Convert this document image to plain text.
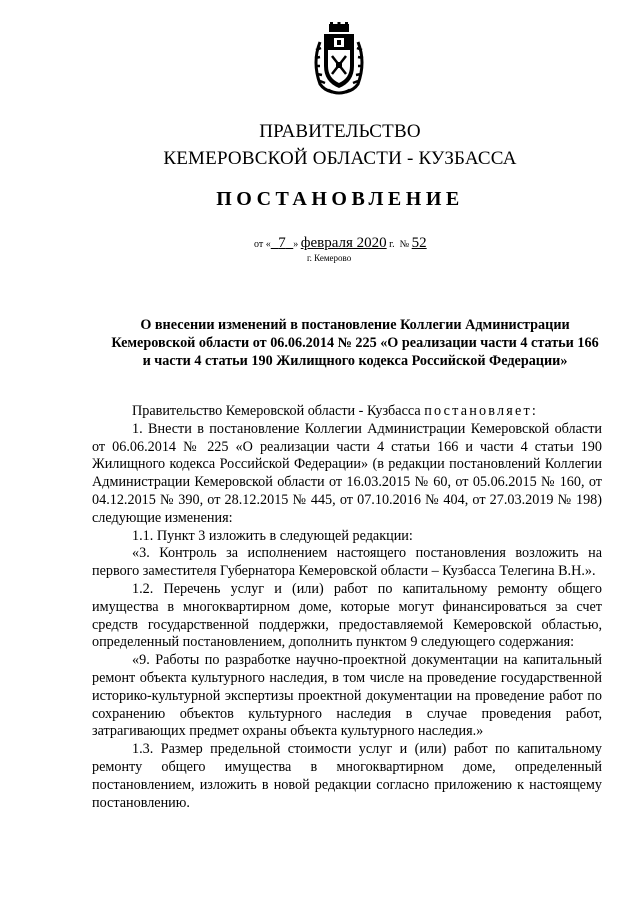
ПРАВИТЕЛЬСТВО
КЕМЕРОВСКОЙ ОБЛАСТИ - КУЗБАССА
ПОСТАНОВЛЕНИЕ
от « 7 » февраля 2020 г. № 52
г. Кемерово
О внесении изменений в постановление Коллегии Администрации Кемеровской области от 06.06.2014 № 225 «О реализации части 4 статьи 166 и части 4 статьи 190 Жилищного кодекса Российской Федерации»

Правительство Кемеровской области - Кузбасса постановляет:

1. Внести в постановление Коллегии Администрации Кемеровской области от 06.06.2014 № 225 «О реализации части 4 статьи 166 и части 4 статьи 190 Жилищного кодекса Российской Федерации» (в редакции постановлений Коллегии Администрации Кемеровской области от 16.03.2015 № 60, от 05.06.2015 № 160, от 04.12.2015 № 390, от 28.12.2015 № 445, от 07.10.2016 № 404, от 27.03.2019 № 198) следующие изменения:

1.1. Пункт 3 изложить в следующей редакции:

«3. Контроль за исполнением настоящего постановления возложить на первого заместителя Губернатора Кемеровской области – Кузбасса Телегина В.Н.».

1.2. Перечень услуг и (или) работ по капитальному ремонту общего имущества в многоквартирном доме, которые могут финансироваться за счет средств государственной поддержки, предоставляемой Кемеровской областью, определенный постановлением, дополнить пунктом 9 следующего содержания:

«9. Работы по разработке научно-проектной документации на капитальный ремонт объекта культурного наследия, в том числе на проведение государственной историко-культурной экспертизы проектной документации на проведение работ по сохранению объектов культурного наследия в случае проведения работ, затрагивающих предмет охраны объекта культурного наследия.»

1.3. Размер предельной стоимости услуг и (или) работ по капитальному ремонту общего имущества в многоквартирном доме, определенный постановлением, изложить в новой редакции согласно приложению к настоящему постановлению.
